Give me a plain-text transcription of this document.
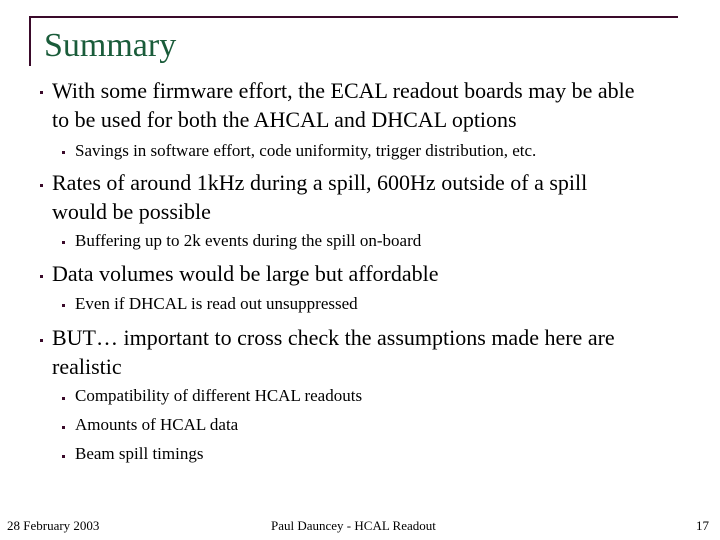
Summary
With some firmware effort, the ECAL readout boards may be able
to be used for both the AHCAL and DHCAL options
Savings in software effort, code uniformity, trigger distribution, etc.
Rates of around 1kHz during a spill, 600Hz outside of a spill
would be possible
Buffering up to 2k events during the spill on-board
Data volumes would be large but affordable
Even if DHCAL is read out unsuppressed
BUT… important to cross check the assumptions made here are
realistic
Compatibility of different HCAL readouts
Amounts of HCAL data
Beam spill timings
28 February 2003	Paul Dauncey - HCAL Readout	17
